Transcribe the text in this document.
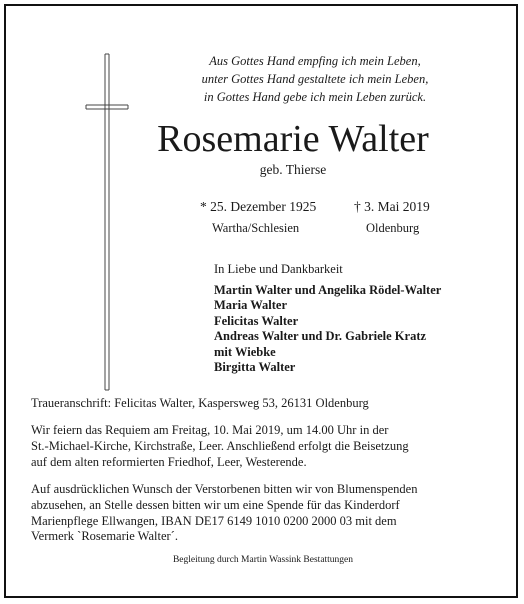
Aus Gottes Hand empfing ich mein Leben,
unter Gottes Hand gestaltete ich mein Leben,
in Gottes Hand gebe ich mein Leben zurück.
Rosemarie Walter
geb. Thierse
* 25. Dezember 1925
Wartha/Schlesien
† 3. Mai 2019
Oldenburg
In Liebe und Dankbarkeit
Martin Walter und Angelika Rödel-Walter
Maria Walter
Felicitas Walter
Andreas Walter und Dr. Gabriele Kratz
mit Wiebke
Birgitta Walter
Traueranschrift: Felicitas Walter, Kaspersweg 53, 26131 Oldenburg
Wir feiern das Requiem am Freitag, 10. Mai 2019, um 14.00 Uhr in der
St.-Michael-Kirche, Kirchstraße, Leer. Anschließend erfolgt die Beisetzung
auf dem alten reformierten Friedhof, Leer, Westerende.
Auf ausdrücklichen Wunsch der Verstorbenen bitten wir von Blumenspenden
abzusehen, an Stelle dessen bitten wir um eine Spende für das Kinderdorf
Marienpflege Ellwangen, IBAN DE17 6149 1010 0200 2000 03 mit dem
Vermerk `Rosemarie Walter´.
Begleitung durch Martin Wassink Bestattungen
